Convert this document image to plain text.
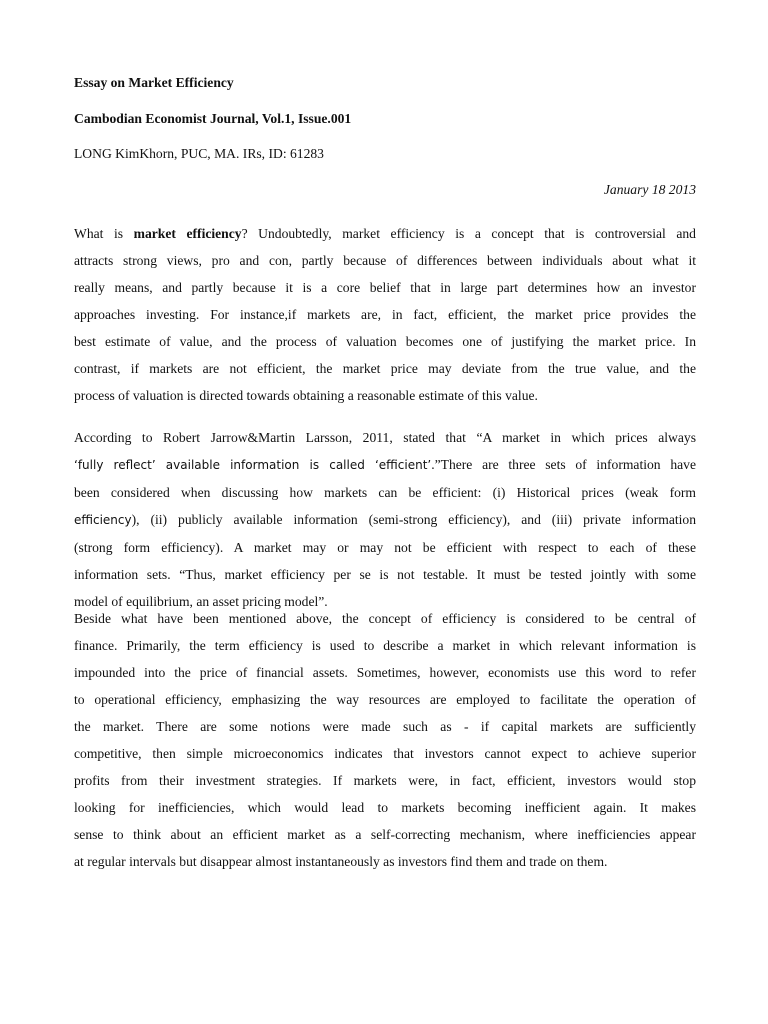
Essay on Market Efficiency
Cambodian Economist Journal, Vol.1, Issue.001
LONG KimKhorn, PUC, MA. IRs, ID: 61283
January 18 2013
What is market efficiency? Undoubtedly, market efficiency is a concept that is controversial and
attracts strong views, pro and con, partly because of differences between individuals about what it
really means, and partly because it is a core belief that in large part determines how an investor
approaches investing. For instance,if markets are, in fact, efficient, the market price provides the
best estimate of value, and the process of valuation becomes one of justifying the market price. In
contrast, if markets are not efficient, the market price may deviate from the true value, and the
process of valuation is directed towards obtaining a reasonable estimate of this value.
According to Robert Jarrow&Martin Larsson, 2011, stated that “A market in which prices always
‘fully reflect’ available information is called ‘efficient’.”There are three sets of information have
been considered when discussing how markets can be efficient: (i) Historical prices (weak form
efficiency), (ii) publicly available information (semi-strong efficiency), and (iii) private information
(strong form efficiency). A market may or may not be efficient with respect to each of these
information sets. “Thus, market efficiency per se is not testable. It must be tested jointly with some
model of equilibrium, an asset pricing model”.
Beside what have been mentioned above, the concept of efficiency is considered to be central of
finance. Primarily, the term efficiency is used to describe a market in which relevant information is
impounded into the price of financial assets. Sometimes, however, economists use this word to refer
to operational efficiency, emphasizing the way resources are employed to facilitate the operation of
the market. There are some notions were made such as - if capital markets are sufficiently
competitive, then simple microeconomics indicates that investors cannot expect to achieve superior
profits from their investment strategies. If markets were, in fact, efficient, investors would stop
looking for inefficiencies, which would lead to markets becoming inefficient again. It makes
sense to think about an efficient market as a self-correcting mechanism, where inefficiencies appear
at regular intervals but disappear almost instantaneously as investors find them and trade on them.
